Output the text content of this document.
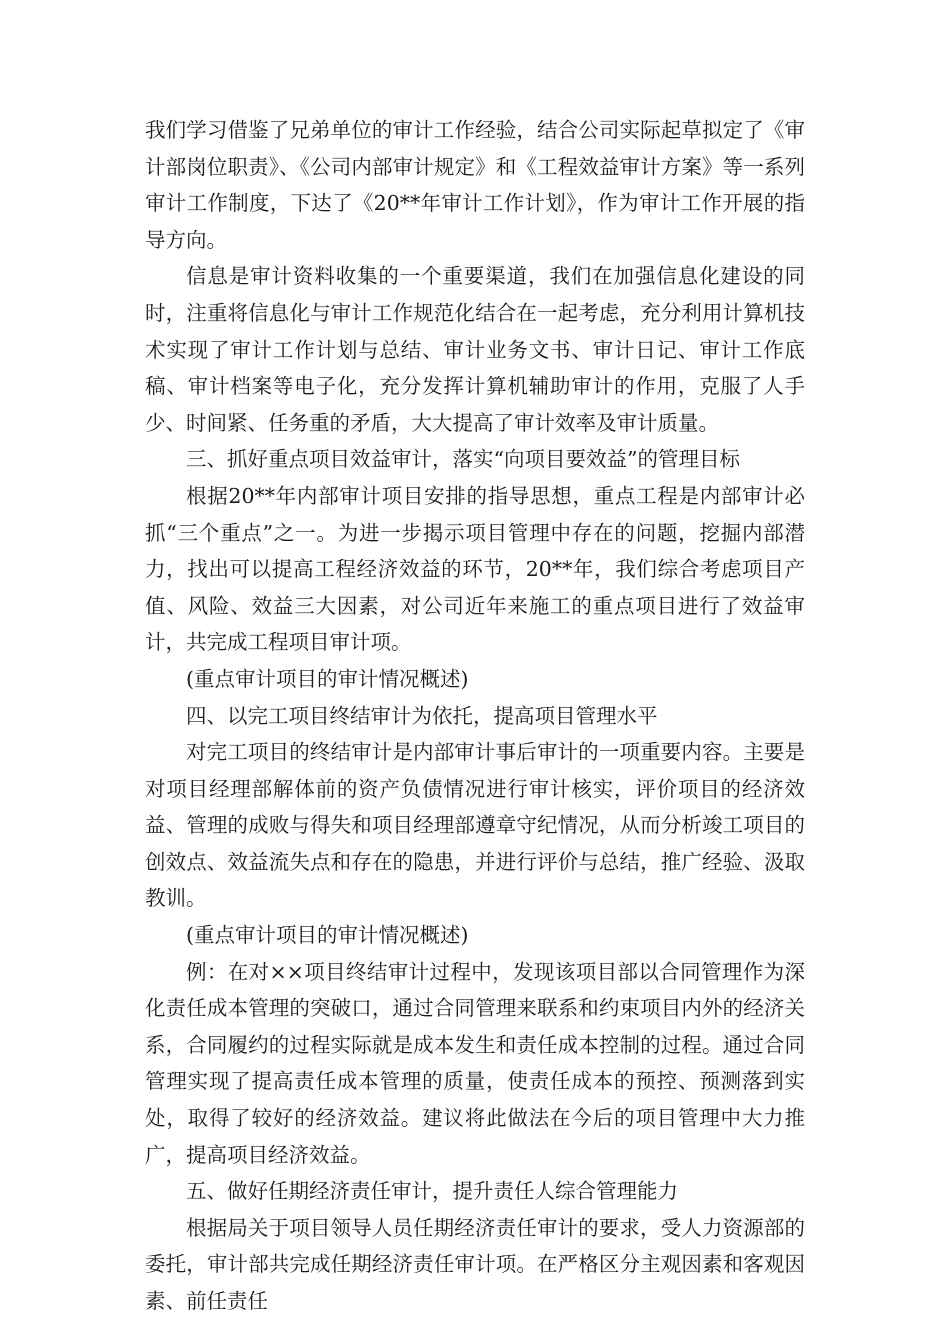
我们学习借鉴了兄弟单位的审计工作经验，结合公司实际起草拟定了《审计部岗位职责》、《公司内部审计规定》和《工程效益审计方案》等一系列审计工作制度，下达了《20**年审计工作计划》，作为审计工作开展的指导方向。

信息是审计资料收集的一个重要渠道，我们在加强信息化建设的同时，注重将信息化与审计工作规范化结合在一起考虑，充分利用计算机技术实现了审计工作计划与总结、审计业务文书、审计日记、审计工作底稿、审计档案等电子化，充分发挥计算机辅助审计的作用，克服了人手少、时间紧、任务重的矛盾，大大提高了审计效率及审计质量。

三、抓好重点项目效益审计，落实“向项目要效益”的管理目标

根据20**年内部审计项目安排的指导思想，重点工程是内部审计必抓“三个重点”之一。为进一步揭示项目管理中存在的问题，挖掘内部潜力，找出可以提高工程经济效益的环节，20**年，我们综合考虑项目产值、风险、效益三大因素，对公司近年来施工的重点项目进行了效益审计，共完成工程项目审计项。

(重点审计项目的审计情况概述)

四、以完工项目终结审计为依托，提高项目管理水平

对完工项目的终结审计是内部审计事后审计的一项重要内容。主要是对项目经理部解体前的资产负债情况进行审计核实，评价项目的经济效益、管理的成败与得失和项目经理部遵章守纪情况，从而分析竣工项目的创效点、效益流失点和存在的隐患，并进行评价与总结，推广经验、汲取教训。

(重点审计项目的审计情况概述)

例：在对××项目终结审计过程中，发现该项目部以合同管理作为深化责任成本管理的突破口，通过合同管理来联系和约束项目内外的经济关系，合同履约的过程实际就是成本发生和责任成本控制的过程。通过合同管理实现了提高责任成本管理的质量，使责任成本的预控、预测落到实处，取得了较好的经济效益。建议将此做法在今后的项目管理中大力推广，提高项目经济效益。

五、做好任期经济责任审计，提升责任人综合管理能力

根据局关于项目领导人员任期经济责任审计的要求，受人力资源部的委托，审计部共完成任期经济责任审计项。在严格区分主观因素和客观因素、前任责任
